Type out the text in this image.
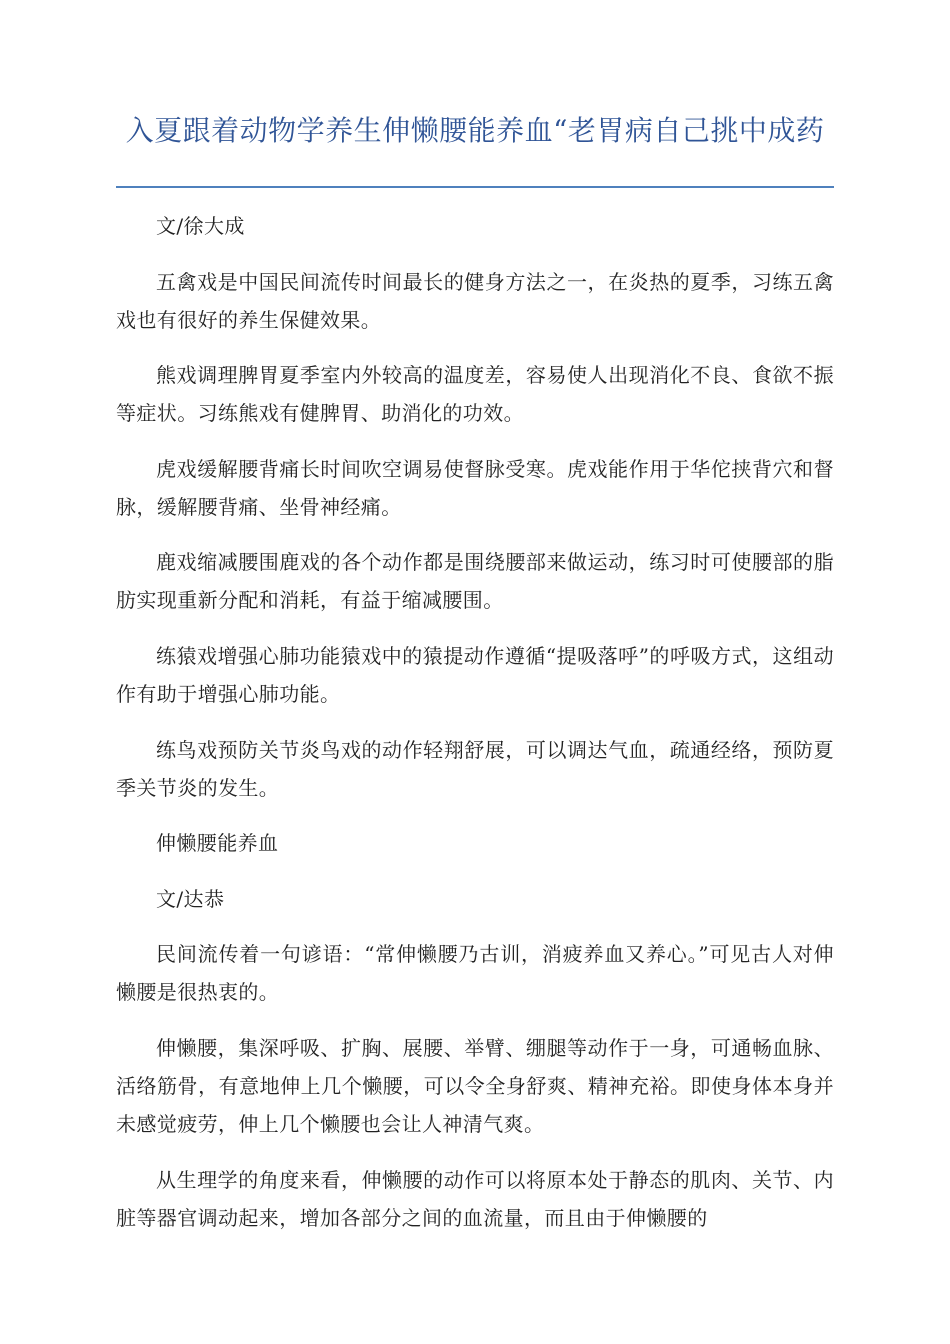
入夏跟着动物学养生伸懒腰能养血“老胃病自己挑中成药

文/徐大成

五禽戏是中国民间流传时间最长的健身方法之一，在炎热的夏季，习练五禽戏也有很好的养生保健效果。

熊戏调理脾胃夏季室内外较高的温度差，容易使人出现消化不良、食欲不振等症状。习练熊戏有健脾胃、助消化的功效。

虎戏缓解腰背痛长时间吹空调易使督脉受寒。虎戏能作用于华佗挟背穴和督脉，缓解腰背痛、坐骨神经痛。

鹿戏缩减腰围鹿戏的各个动作都是围绕腰部来做运动，练习时可使腰部的脂肪实现重新分配和消耗，有益于缩减腰围。

练猿戏增强心肺功能猿戏中的猿提动作遵循“提吸落呼”的呼吸方式，这组动作有助于增强心肺功能。

练鸟戏预防关节炎鸟戏的动作轻翔舒展，可以调达气血，疏通经络，预防夏季关节炎的发生。

伸懒腰能养血

文/达恭

民间流传着一句谚语：“常伸懒腰乃古训，消疲养血又养心。”可见古人对伸懒腰是很热衷的。

伸懒腰，集深呼吸、扩胸、展腰、举臂、绷腿等动作于一身，可通畅血脉、活络筋骨，有意地伸上几个懒腰，可以令全身舒爽、精神充裕。即使身体本身并未感觉疲劳，伸上几个懒腰也会让人神清气爽。

从生理学的角度来看，伸懒腰的动作可以将原本处于静态的肌肉、关节、内脏等器官调动起来，增加各部分之间的血流量，而且由于伸懒腰的
